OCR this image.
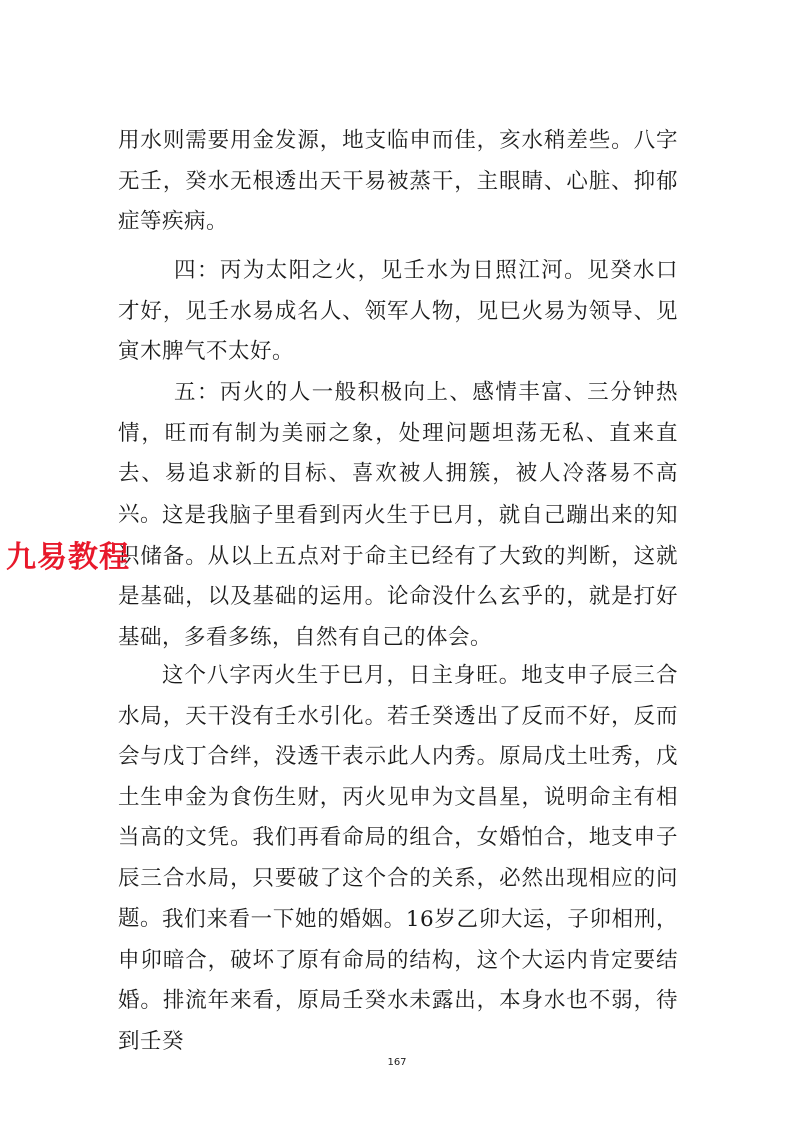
用水则需要用金发源，地支临申而佳，亥水稍差些。八字无壬，癸水无根透出天干易被蒸干，主眼睛、心脏、抑郁症等疾病。

四：丙为太阳之火，见壬水为日照江河。见癸水口才好，见壬水易成名人、领军人物，见巳火易为领导、见寅木脾气不太好。

五：丙火的人一般积极向上、感情丰富、三分钟热情，旺而有制为美丽之象，处理问题坦荡无私、直来直去、易追求新的目标、喜欢被人拥簇，被人冷落易不高兴。 这是我脑子里看到丙火生于巳月，就自己蹦出来的知识储备。从以上五点对于命主已经有了大致的判断，这就是基础，以及基础的运用。论命没什么玄乎的，就是打好基础，多看多练，自然有自己的体会。

这个八字丙火生于巳月，日主身旺。地支申子辰三合水局，天干没有壬水引化。若壬癸透出了反而不好，反而会与戊丁合绊，没透干表示此人内秀。原局戊土吐秀，戊土生申金为食伤生财，丙火见申为文昌星，说明命主有相当高的文凭。我们再看命局的组合，女婚怕合，地支申子辰三合水局，只要破了这个合的关系，必然出现相应的问题。 我们来看一下她的婚姻。16岁乙卯大运，子卯相刑，申卯暗合，破坏了原有命局的结构，这个大运内肯定要结婚。排流年来看，原局壬癸水未露出，本身水也不弱，待到壬癸

九易教程
167
